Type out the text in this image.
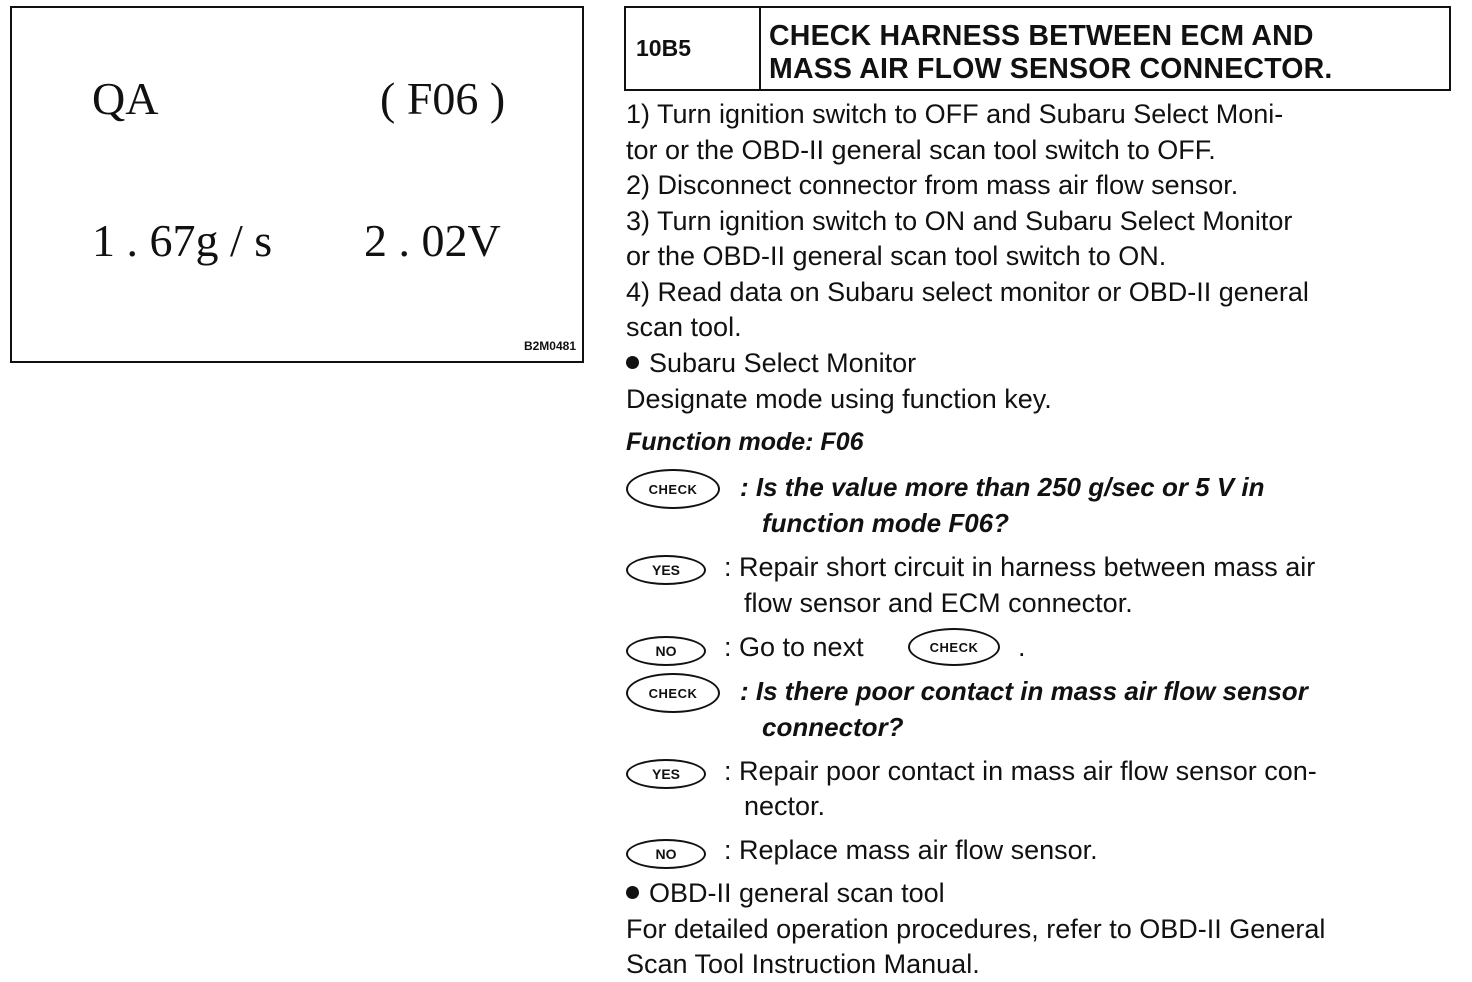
QA	( F06 )
1 . 67g / s 2 . 02V
B2M0481
10B5	CHECK HARNESS BETWEEN ECM AND
MASS AIR FLOW SENSOR CONNECTOR.
1) Turn ignition switch to OFF and Subaru Select Moni-
tor or the OBD-II general scan tool switch to OFF.
2) Disconnect connector from mass air flow sensor.
3) Turn ignition switch to ON and Subaru Select Monitor
or the OBD-II general scan tool switch to ON.
4) Read data on Subaru select monitor or OBD-II general
scan tool.
Subaru Select Monitor
Designate mode using function key.
Function mode: F06
CHECK	: Is the value more than 250 g/sec or 5 V in
function mode F06?
YES	: Repair short circuit in harness between mass air
flow sensor and ECM connector.
NO	: Go to next	CHECK	.
CHECK	: Is there poor contact in mass air flow sensor
connector?
YES	: Repair poor contact in mass air flow sensor con-
nector.
NO	: Replace mass air flow sensor.
OBD-II general scan tool
For detailed operation procedures, refer to OBD-II General
Scan Tool Instruction Manual.
